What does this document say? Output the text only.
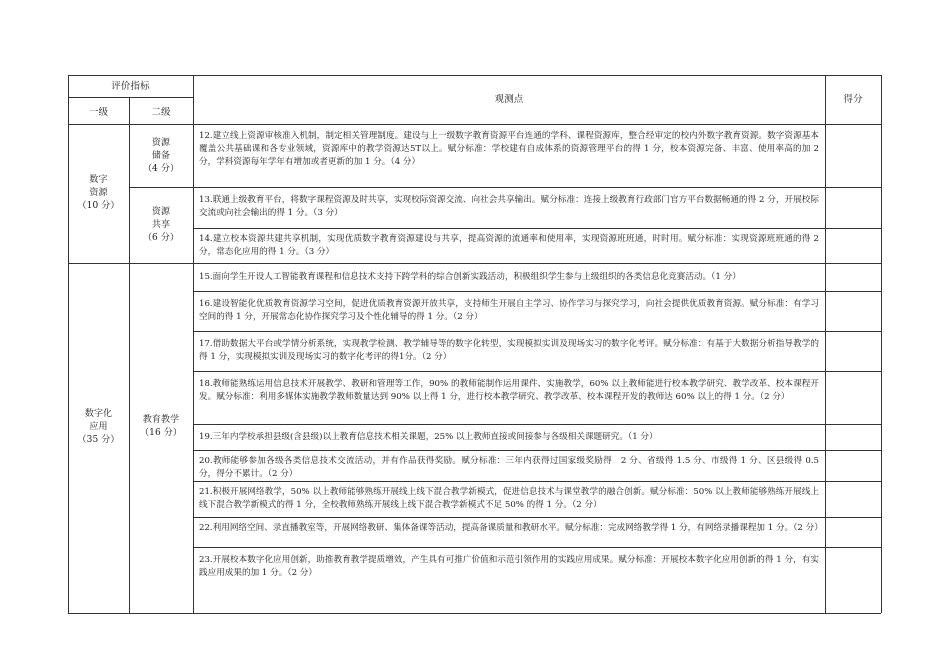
评价指标
一级	二级
观测点	得分
数字
资源
（10 分）
资源
储备
（4 分）
资源
共享
（6 分）
数字化
应用
（35 分）
教育教学
（16 分）
12.建立线上资源审核准入机制，制定相关管理制度。建设与上一级数字教育资源平台连通的学科、课程资源库，整合经审定的校内外数字教育资源。数字资源基本覆盖公共基础课和各专业领域，资源库中的教学资源达5T以上。赋分标准：学校建有自成体系的资源管理平台的得 1 分，校本资源完备、丰富、使用率高的加 2 分，学科资源每年学年有增加或者更新的加 1 分。（4 分）
13.联通上级教育平台，将数字课程资源及时共享，实现校际资源交流、向社会共享输出。赋分标准：连接上级教育行政部门官方平台数据畅通的得 2 分，开展校际交流或向社会输出的得 1 分。（3 分）
14.建立校本资源共建共享机制，实现优质数字教育资源建设与共享，提高资源的流通率和使用率，实现资源班班通，时时用。赋分标准：实现资源班班通的得 2 分，常态化应用的得 1 分。（3 分）
15.面向学生开设人工智能教育课程和信息技术支持下跨学科的综合创新实践活动，积极组织学生参与上级组织的各类信息化竞赛活动。（1 分）
16.建设智能化优质教育资源学习空间，促进优质教育资源开放共享，支持师生开展自主学习、协作学习与探究学习，向社会提供优质教育资源。赋分标准：有学习空间的得 1 分，开展常态化协作探究学习及个性化辅导的得 1 分。（2 分）
17.借助数据大平台或学情分析系统，实现教学检测、教学辅导等的数字化转型，实现模拟实训及现场实习的数字化考评。赋分标准：有基于大数据分析指导教学的得 1 分，实现模拟实训及现场实习的数字化考评的得1分。（2 分）
18.教师能熟练运用信息技术开展教学、教研和管理等工作，90% 的教师能制作运用课件、实施教学，60% 以上教师能进行校本教学研究、教学改革、校本课程开发。赋分标准：利用多媒体实施教学教师数量达到 90% 以上得 1 分，进行校本教学研究、教学改革、校本课程开发的教师达 60% 以上的得 1 分。（2 分）
19.三年内学校承担县级(含县级)以上教育信息技术相关课题，25% 以上教师直接或间接参与各级相关课题研究。（1 分）
20.教师能够参加各级各类信息技术交流活动，并有作品获得奖励。赋分标准：三年内获得过国家级奖励得　2 分、省级得 1.5 分、市级得 1 分、区县级得 0.5 分，得分不累计。（2 分）
21.积极开展网络教学，50% 以上教师能够熟练开展线上线下混合教学新模式，促进信息技术与课堂教学的融合创新。赋分标准：50% 以上教师能够熟练开展线上线下混合教学新模式的得 1 分，全校教师熟练开展线上线下混合教学新模式不足 50% 的得 1 分。（2 分）
22.利用网络空间、录直播教室等，开展网络教研、集体备课等活动，提高备课质量和教研水平。赋分标准：完成网络教学得 1 分，有网络录播课程加 1 分。（2 分）
23.开展校本数字化应用创新，助推教育教学提质增效，产生具有可推广价值和示范引领作用的实践应用成果。赋分标准：开展校本数字化应用创新的得 1 分，有实践应用成果的加 1 分。（2 分）
